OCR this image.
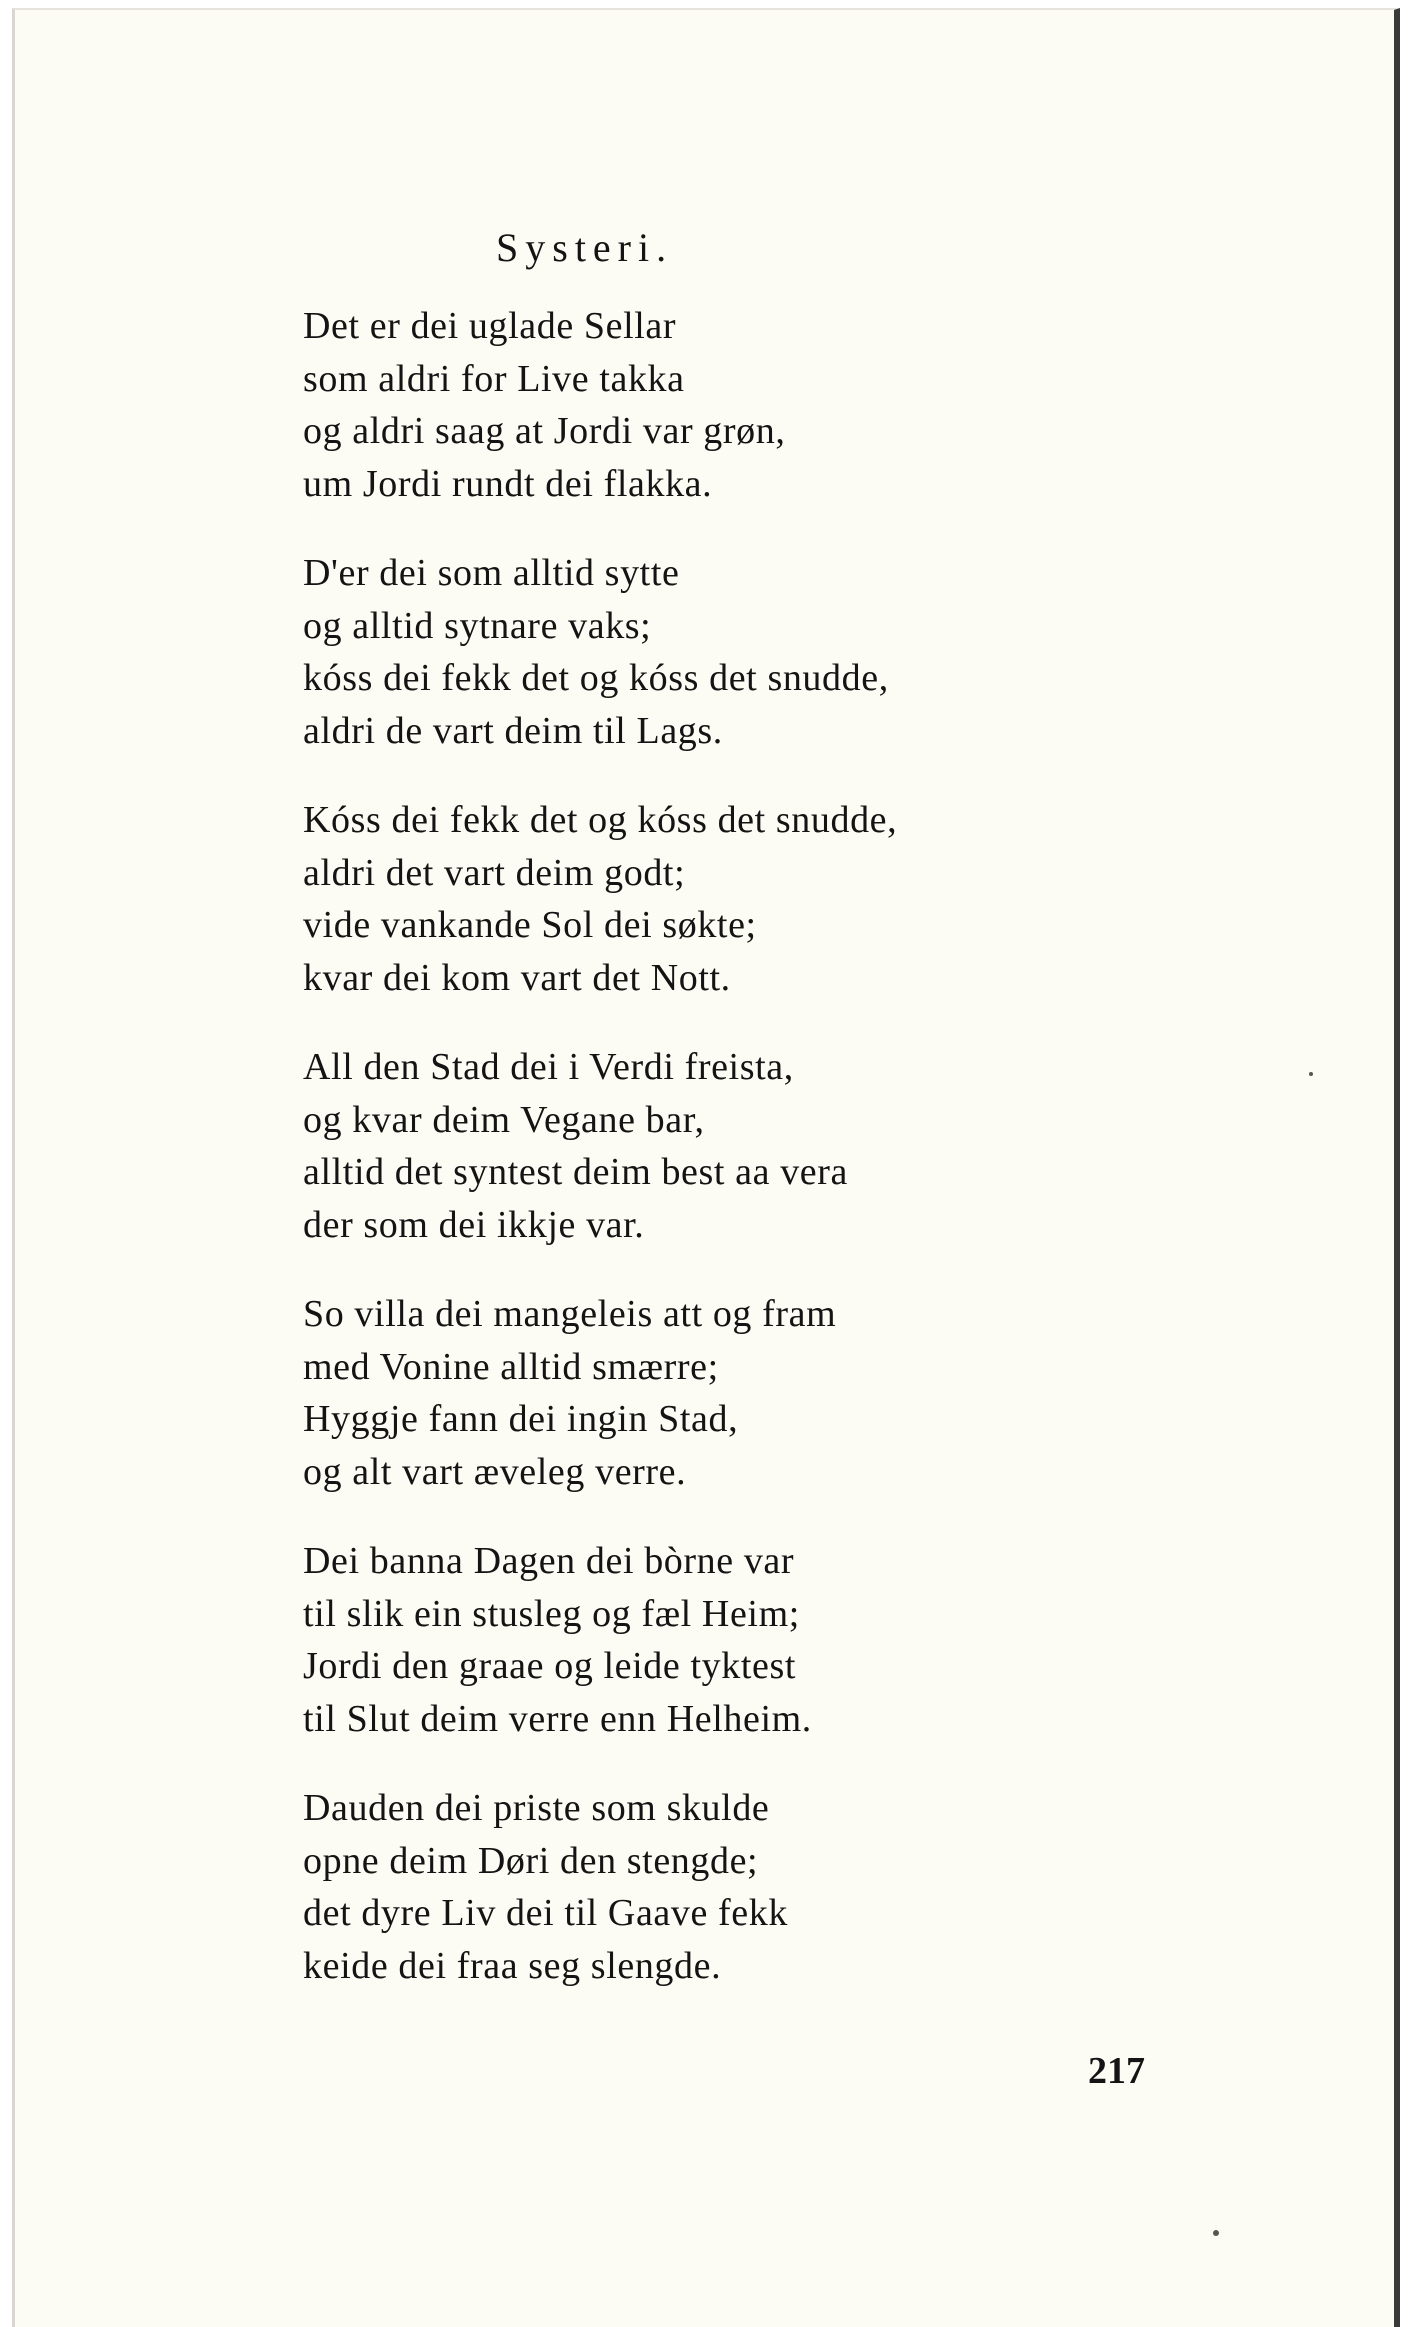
Systeri.
Det er dei uglade Sellar
som aldri for Live takka
og aldri saag at Jordi var grøn,
um Jordi rundt dei flakka.
D'er dei som alltid sytte
og alltid sytnare vaks;
kóss dei fekk det og kóss det snudde,
aldri de vart deim til Lags.
Kóss dei fekk det og kóss det snudde,
aldri det vart deim godt;
vide vankande Sol dei søkte;
kvar dei kom vart det Nott.
All den Stad dei i Verdi freista,
og kvar deim Vegane bar,
alltid det syntest deim best aa vera
der som dei ikkje var.
So villa dei mangeleis att og fram
med Vonine alltid smærre;
Hyggje fann dei ingin Stad,
og alt vart æveleg verre.
Dei banna Dagen dei bòrne var
til slik ein stusleg og fæl Heim;
Jordi den graae og leide tyktest
til Slut deim verre enn Helheim.
Dauden dei priste som skulde
opne deim Døri den stengde;
det dyre Liv dei til Gaave fekk
keide dei fraa seg slengde.
217
